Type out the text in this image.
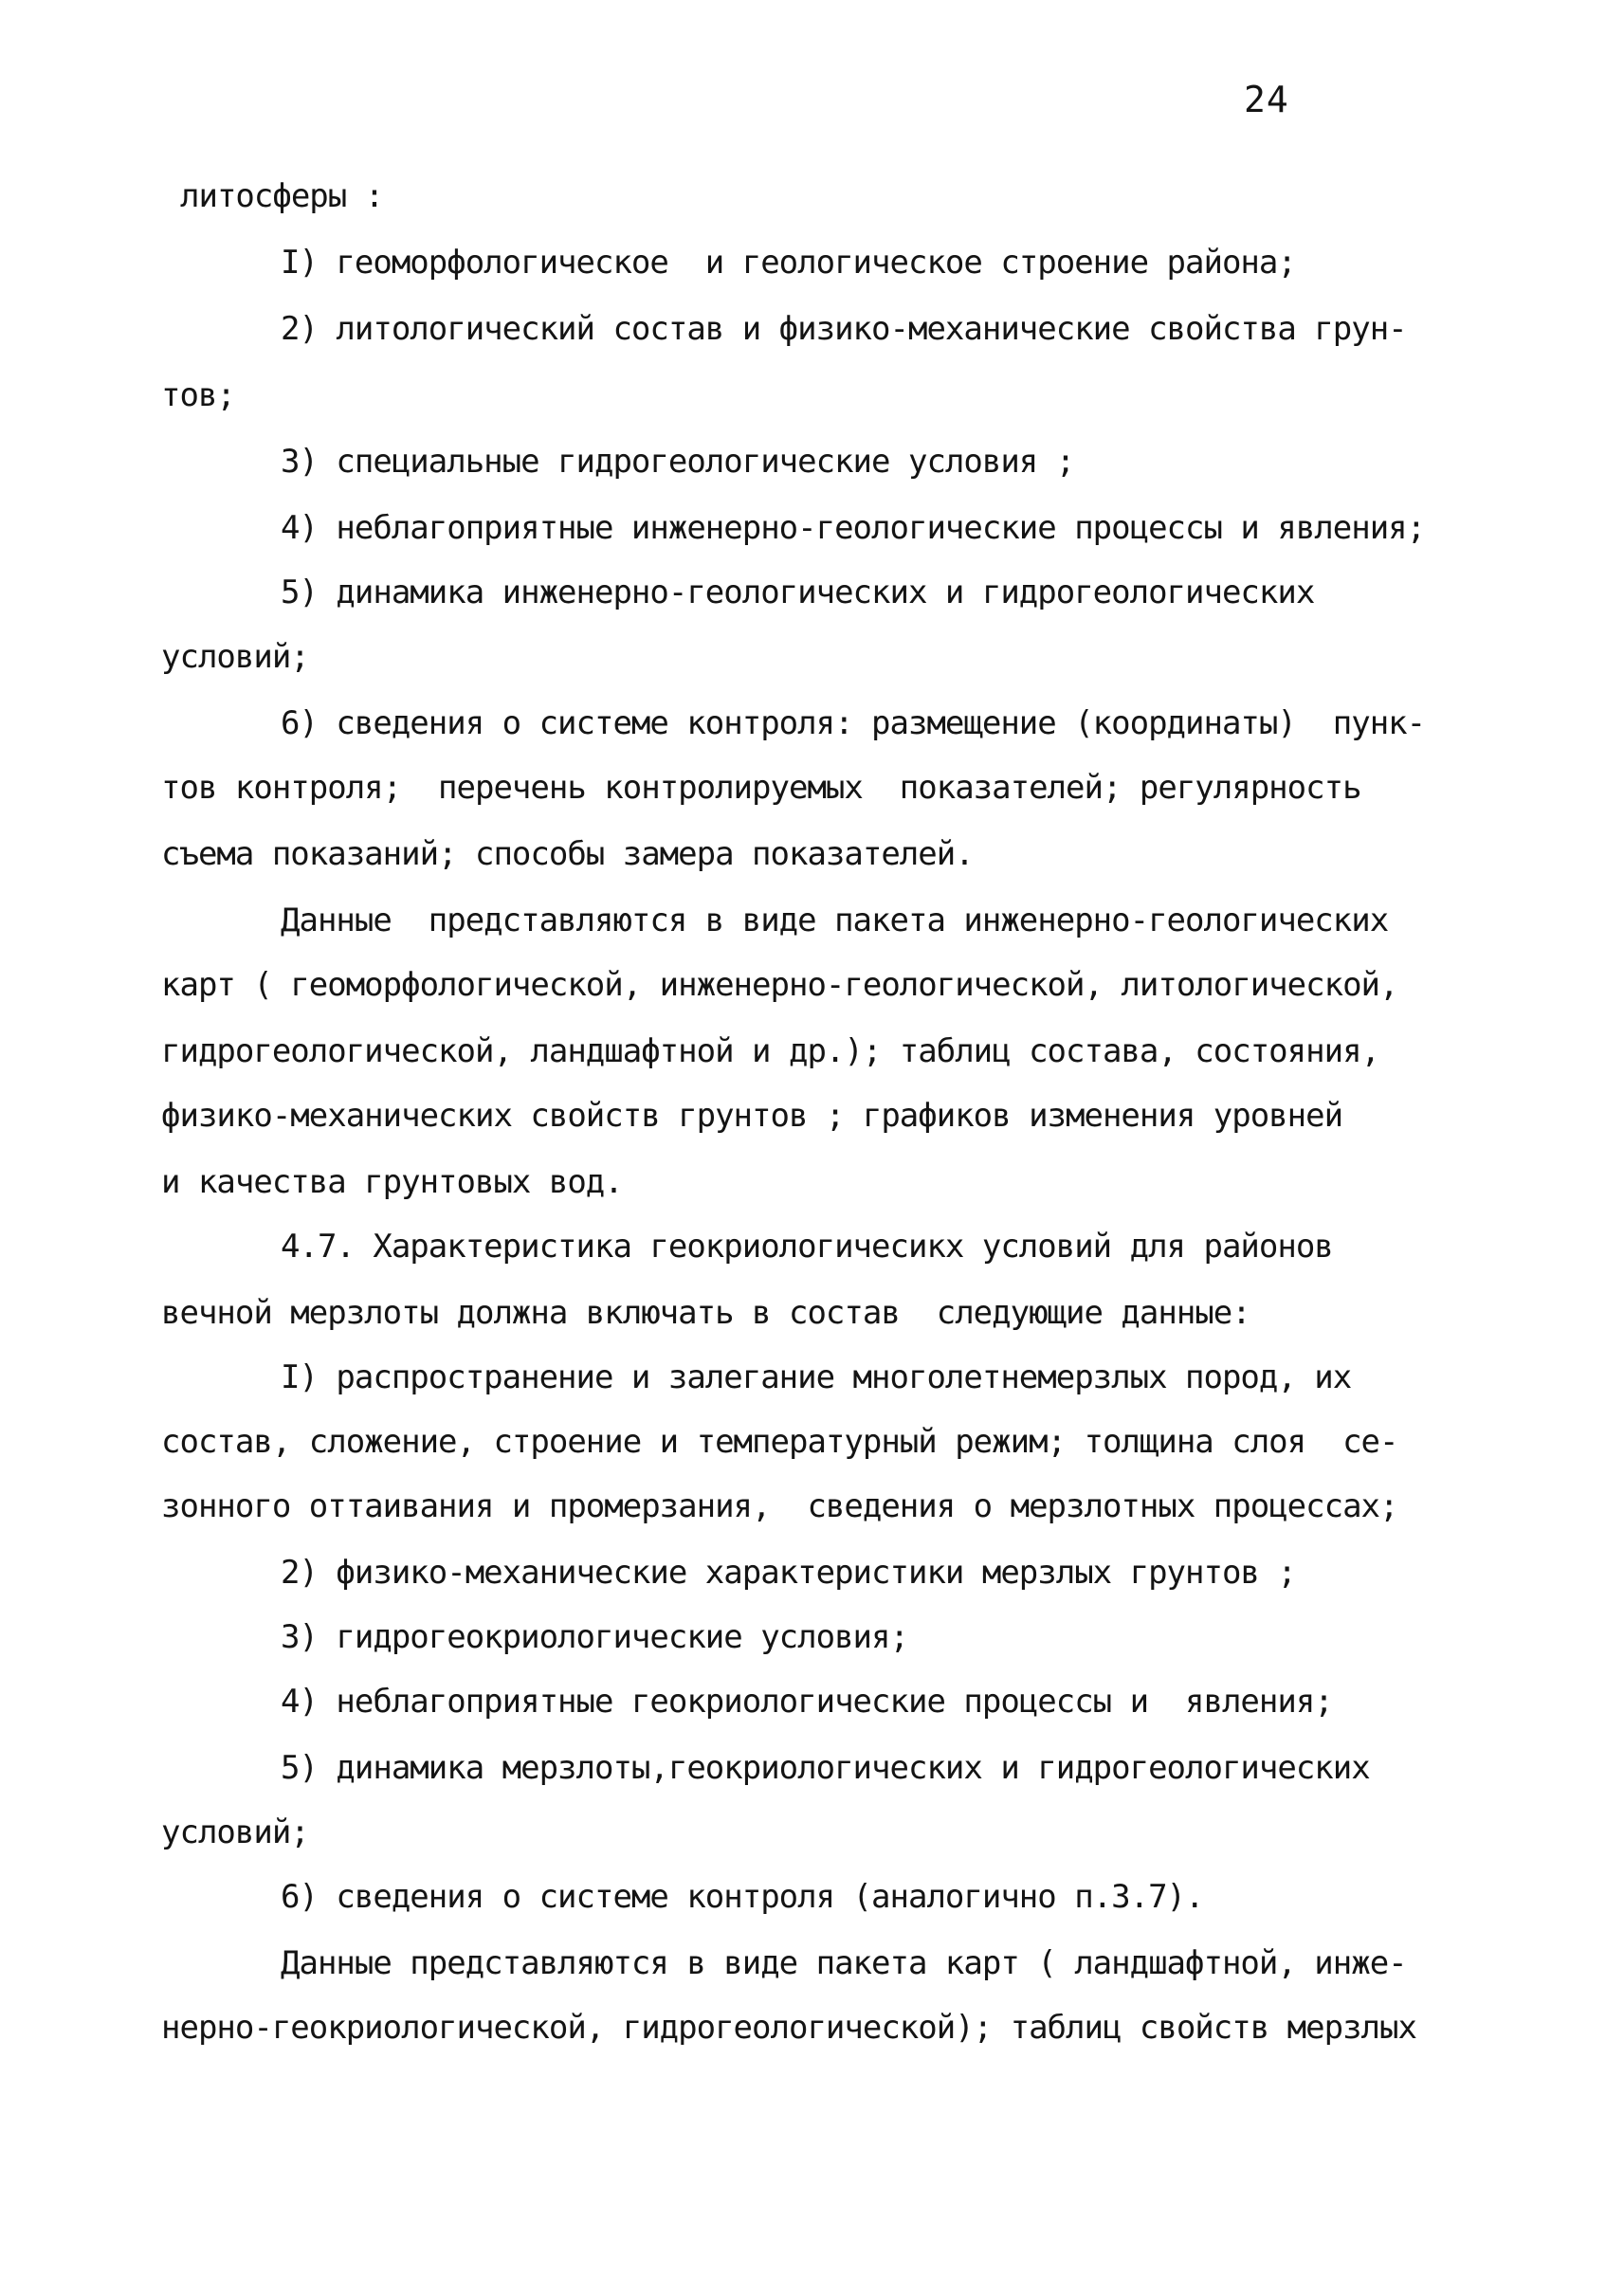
24
литосферы :
I) геоморфологическое  и геологическое строение района;
2) литологический состав и физико-механические свойства грун-
тов;
3) специальные гидрогеологические условия ;
4) неблагоприятные инженерно-геологические процессы и явления;
5) динамика инженерно-геологических и гидрогеологических
условий;
6) сведения о системе контроля: размещение (координаты)  пунк-
тов контроля;  перечень контролируемых  показателей; регулярность
съема показаний; способы замера показателей.
Данные  представляются в виде пакета инженерно-геологических
карт ( геоморфологической, инженерно-геологической, литологической,
гидрогеологической, ландшафтной и др.); таблиц состава, состояния,
физико-механических свойств грунтов ; графиков изменения уровней
и качества грунтовых вод.
4.7. Характеристика геокриологичесикх условий для районов
вечной мерзлоты должна включать в состав  следующие данные:
I) распространение и залегание многолетнемерзлых пород, их
состав, сложение, строение и температурный режим; толщина слоя  се-
зонного оттаивания и промерзания,  сведения о мерзлотных процессах;
2) физико-механические характеристики мерзлых грунтов ;
3) гидрогеокриологические условия;
4) неблагоприятные геокриологические процессы и  явления;
5) динамика мерзлоты,геокриологических и гидрогеологических
условий;
6) сведения о системе контроля (аналогично п.3.7).
Данные представляются в виде пакета карт ( ландшафтной, инже-
нерно-геокриологической, гидрогеологической); таблиц свойств мерзлых
